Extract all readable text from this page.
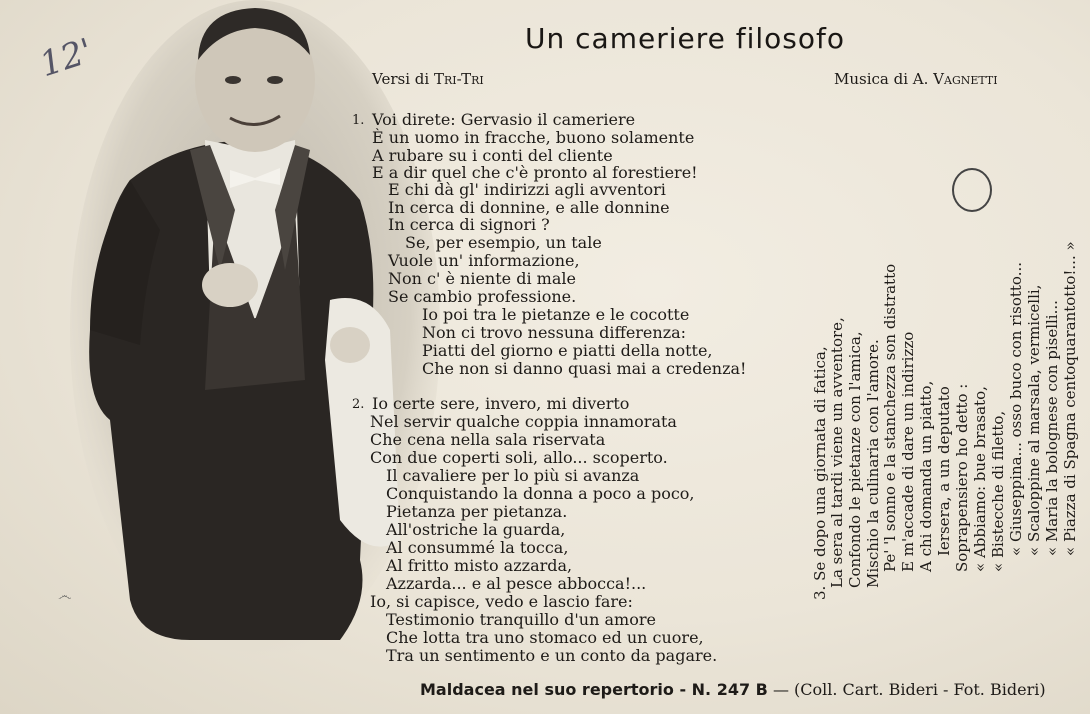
12'
෴
Un cameriere filosofo
Versi di Tri-Tri	Musica di A. Vagnetti
1. Voi direte: Gervasio il cameriere
È un uomo in fracche, buono solamente
A rubare su i conti del cliente
E a dir quel che c'è pronto al forestiere!
E chi dà gl' indirizzi agli avventori
In cerca di donnine, e alle donnine
In cerca di signori ?
Se, per esempio, un tale
Vuole un' informazione,
Non c' è niente di male
Se cambio professione.
Io poi tra le pietanze e le cocotte
Non ci trovo nessuna differenza:
Piatti del giorno e piatti della notte,
Che non si danno quasi mai a credenza!
2. Io certe sere, invero, mi diverto
Nel servir qualche coppia innamorata
Che cena nella sala riservata
Con due coperti soli, allo... scoperto.
Il cavaliere per lo più si avanza
Conquistando la donna a poco a poco,
Pietanza per pietanza.
All'ostriche la guarda,
Al consummé la tocca,
Al fritto misto azzarda,
Azzarda... e al pesce abbocca!...
Io, si capisce, vedo e lascio fare:
Testimonio tranquillo d'un amore
Che lotta tra uno stomaco ed un cuore,
Tra un sentimento e un conto da pagare.
3. Se dopo una giornata di fatica, La sera al tardi viene un avventore, Confondo le pietanze con l'amica, Mischio la culinaria con l'amore. Pe' 'l sonno e la stanchezza son distratto E m'accade di dare un indirizzo A chi domanda un piatto, Iersera, a un deputato Soprapensiero ho detto : « Abbiamo: bue brasato, « Bistecche di filetto, « Giuseppina... osso buco con risotto... « Scaloppine al marsala, vermicelli, « Maria la bolognese con piselli... « Piazza di Spagna centoquarantotto!... »
Maldacea nel suo repertorio - N. 247 B — (Coll. Cart. Bideri - Fot. Bideri)
